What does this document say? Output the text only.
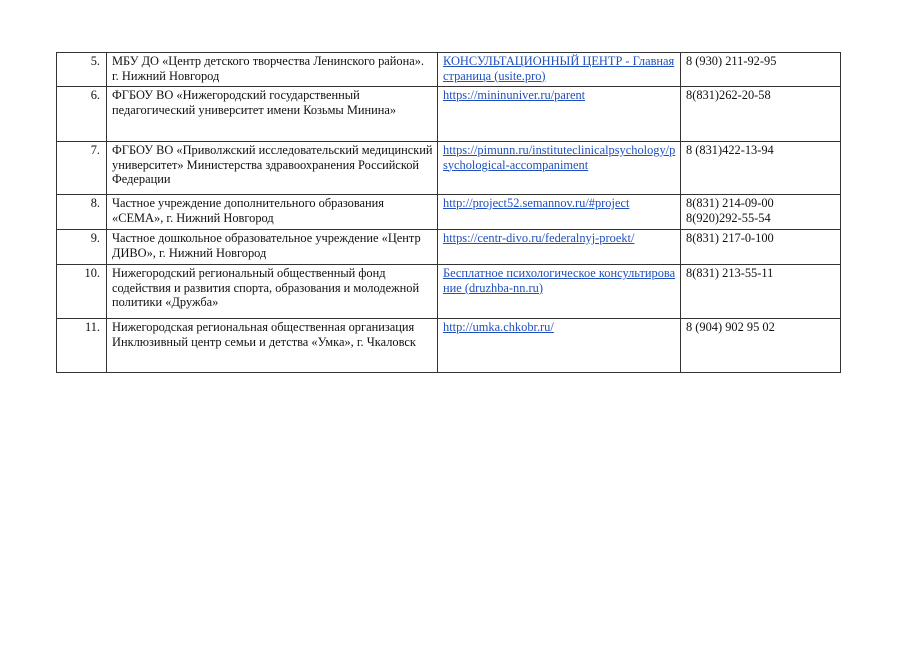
5.	МБУ ДО «Центр детского творчества Ленинского района». г. Нижний Новгород	КОНСУЛЬТАЦИОННЫЙ ЦЕНТР - Главная страница (usite.pro)	8 (930) 211-92-95

6.	ФГБОУ ВО «Нижегородский государственный педагогический университет имени Козьмы Минина»	https://mininuniver.ru/parent	8(831)262-20-58

7.	ФГБОУ ВО «Приволжский исследовательский медицинский университет» Министерства здравоохранения Российской Федерации	https://pimunn.ru/instituteclinicalpsychology/psychological-accompaniment	8 (831)422-13-94

8.	Частное учреждение дополнительного образования «СЕМА», г. Нижний Новгород	http://project52.semannov.ru/#project	8(831) 214-09-00
8(920)292-55-54

9.	Частное дошкольное образовательное учреждение «Центр ДИВО», г. Нижний Новгород	https://centr-divo.ru/federalnyj-proekt/	8(831) 217-0-100

10.	Нижегородский региональный общественный фонд содействия и развития спорта, образования и молодежной политики «Дружба»	Бесплатное психологическое консультирование (druzhba-nn.ru)	8(831) 213-55-11

11.	Нижегородская региональная общественная организация Инклюзивный центр семьи и детства «Умка», г. Чкаловск	http://umka.chkobr.ru/	8 (904) 902 95 02
